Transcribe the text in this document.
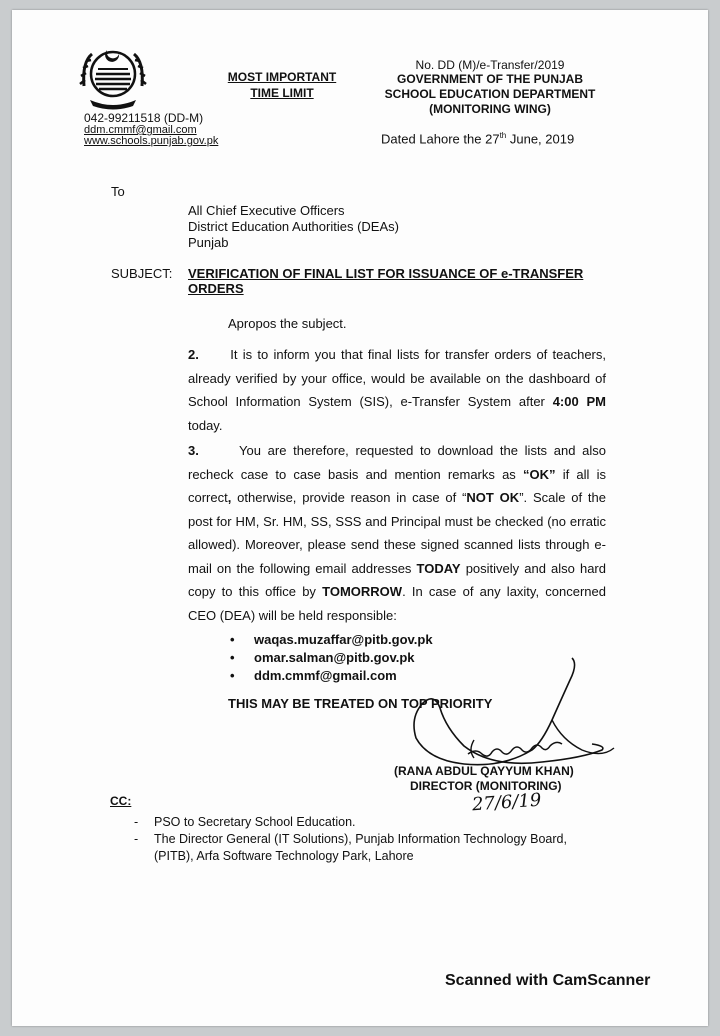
042-99211518 (DD-M)
ddm.cmmf@gmail.com
www.schools.punjab.gov.pk
MOST IMPORTANT
TIME LIMIT
No. DD (M)/e-Transfer/2019
GOVERNMENT OF THE PUNJAB
SCHOOL EDUCATION DEPARTMENT
(MONITORING WING)
Dated Lahore the 27th June, 2019
To
All Chief Executive Officers
District Education Authorities (DEAs)
Punjab
SUBJECT: VERIFICATION OF FINAL LIST FOR ISSUANCE OF e-TRANSFER
ORDERS
Apropos the subject.
2. It is to inform you that final lists for transfer orders of teachers, already verified by your office, would be available on the dashboard of School Information System (SIS), e-Transfer System after 4:00 PM today.
3.	You are therefore, requested to download the lists and also recheck case to case basis and mention remarks as “OK” if all is correct, otherwise, provide reason in case of “NOT OK”. Scale of the post for HM, Sr. HM, SS, SSS and Principal must be checked (no erratic allowed). Moreover, please send these signed scanned lists through e-mail on the following email addresses TODAY positively and also hard copy to this office by TOMORROW. In case of any laxity, concerned CEO (DEA) will be held responsible:
• waqas.muzaffar@pitb.gov.pk
• omar.salman@pitb.gov.pk
• ddm.cmmf@gmail.com
THIS MAY BE TREATED ON TOP PRIORITY
(RANA ABDUL QAYYUM KHAN)
DIRECTOR (MONITORING)
27/6/19
CC:
- PSO to Secretary School Education.
- The Director General (IT Solutions), Punjab Information Technology Board, (PITB), Arfa Software Technology Park, Lahore
Scanned with CamScanner
